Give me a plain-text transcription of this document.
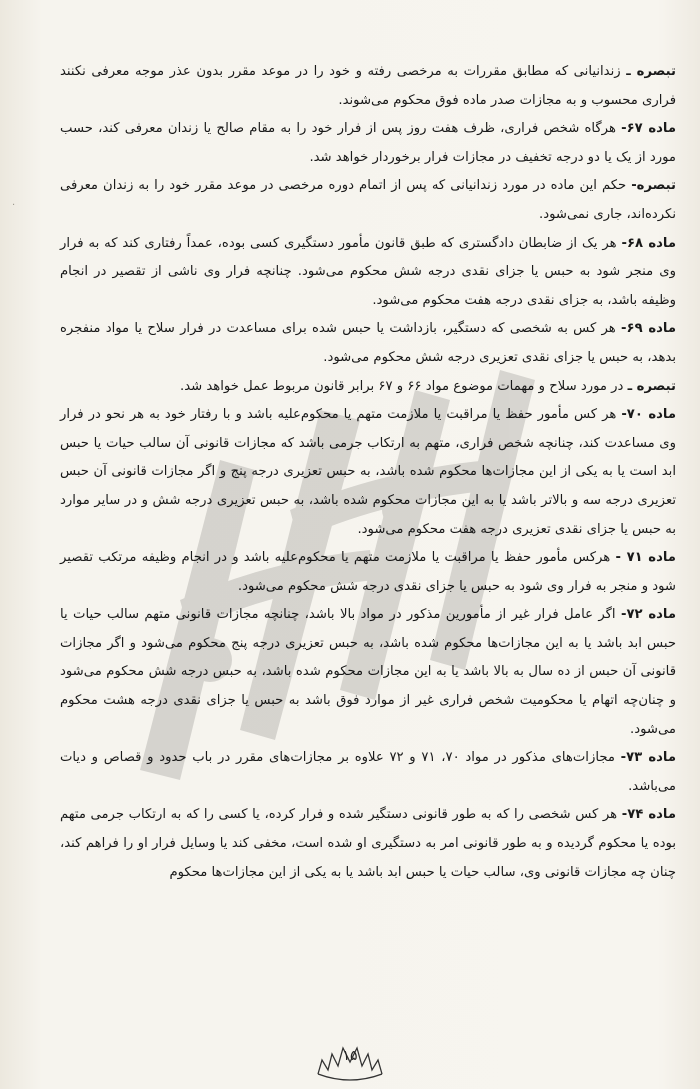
·

تبصره ـ زندانیانی که مطابق مقررات به مرخصی رفته و خود را در موعد مقرر بدون عذر موجه معرفی نکنند فراری محسوب و به مجازات صدر ماده فوق محکوم می‌شوند.

ماده ۶۷- هرگاه شخص فراری، ظرف هفت روز پس از فرار خود را به مقام صالح یا زندان معرفی کند، حسب مورد از یک یا دو درجه تخفیف در مجازات فرار برخوردار خواهد شد.

تبصره- حکم این ماده در مورد زندانیانی که پس از اتمام دوره مرخصی در موعد مقرر خود را به زندان معرفی نکرده‌اند، جاری نمی‌شود.

ماده ۶۸- هر یک از ضابطان دادگستری که طبق قانون مأمور دستگیری کسی بوده، عمداً رفتاری کند که به فرار وی منجر شود به حبس یا جزای نقدی درجه شش محکوم می‌شود. چنانچه فرار وی ناشی از تقصیر در انجام وظیفه باشد، به جزای نقدی درجه هفت محکوم می‌شود.

ماده ۶۹- هر کس به شخصی که دستگیر، بازداشت یا حبس شده برای مساعدت در فرار سلاح یا مواد منفجره بدهد، به حبس یا جزای نقدی تعزیری درجه شش محکوم می‌شود.

تبصره ـ در مورد سلاح و مهمات موضوع مواد ۶۶ و ۶۷ برابر قانون مربوط عمل خواهد شد.

ماده ۷۰- هر کس مأمور حفظ یا مراقبت یا ملازمت متهم یا محکوم‌علیه باشد و با رفتار خود به هر نحو در فرار وی مساعدت کند، چنانچه شخص فراری، متهم به ارتکاب جرمی باشد که مجازات قانونی آن سالب حیات یا حبس ابد است یا به یکی از این مجازات‌ها محکوم شده باشد، به حبس تعزیری درجه پنج و اگر مجازات قانونی آن حبس تعزیری درجه سه و بالاتر باشد یا به این مجازات محکوم شده باشد، به حبس تعزیری درجه شش و در سایر موارد به حبس یا جزای نقدی تعزیری درجه هفت محکوم می‌شود.

ماده ۷۱ - هرکس مأمور حفظ یا مراقبت یا ملازمت متهم یا محکوم‌علیه باشد و در انجام وظیفه مرتکب تقصیر شود و منجر به فرار وی شود به حبس یا جزای نقدی درجه شش محکوم می‌شود.

ماده ۷۲- اگر عامل فرار غیر از مأمورین مذکور در مواد بالا باشد، چنانچه مجازات قانونی متهم سالب حیات یا حبس ابد باشد یا به این مجازات‌ها محکوم شده باشد، به حبس تعزیری درجه پنج محکوم می‌شود و اگر مجازات قانونی آن حبس از ده سال به بالا باشد یا به این مجازات محکوم شده باشد، به حبس درجه شش محکوم می‌شود و چنان‌چه اتهام یا محکومیت شخص فراری غیر از موارد فوق باشد به حبس یا جزای نقدی درجه هشت محکوم می‌شود.

ماده ۷۳- مجازات‌های مذکور در مواد ۷۰، ۷۱ و ۷۲ علاوه بر مجازات‌های مقرر در باب حدود و قصاص و دیات می‌باشد.

ماده ۷۴- هر کس شخصی را که به طور قانونی دستگیر شده و فرار کرده، یا کسی را که به ارتکاب جرمی متهم بوده یا محکوم گردیده و به طور قانونی امر به دستگیری او شده است، مخفی کند یا وسایل فرار او را فراهم کند، چنان چه مجازات قانونی وی، سالب حیات یا حبس ابد باشد یا به یکی از این مجازات‌ها محکوم

۱۵
